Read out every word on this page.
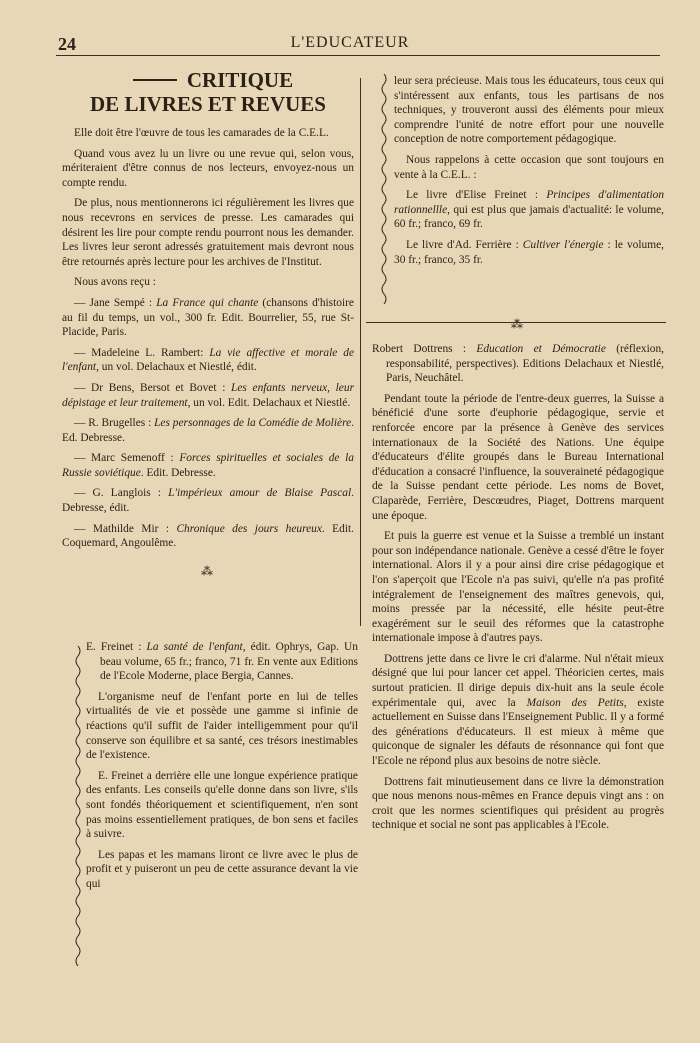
24	L'EDUCATEUR
CRITIQUE
DE LIVRES ET REVUES

Elle doit être l'œuvre de tous les camarades de la C.E.L.

Quand vous avez lu un livre ou une revue qui, selon vous, mériteraient d'être connus de nos lecteurs, envoyez-nous un compte rendu.

De plus, nous mentionnerons ici régulièrement les livres que nous recevrons en services de presse. Les camarades qui désirent les lire pour compte rendu pourront nous les demander. Les livres leur seront adressés gratuitement mais devront nous être retournés après lecture pour les archives de l'Institut.

Nous avons reçu :

— Jane Sempé : La France qui chante (chansons d'histoire au fil du temps, un vol., 300 fr. Edit. Bourrelier, 55, rue St-Placide, Paris.

— Madeleine L. Rambert: La vie affective et morale de l'enfant, un vol. Delachaux et Niestlé, édit.

— Dr Bens, Bersot et Bovet : Les enfants nerveux, leur dépistage et leur traitement, un vol. Edit. Delachaux et Niestlé.

— R. Brugelles : Les personnages de la Comédie de Molière. Ed. Debresse.

— Marc Semenoff : Forces spirituelles et sociales de la Russie soviétique. Edit. Debresse.

— G. Langlois : L'impérieux amour de Blaise Pascal. Debresse, édit.

— Mathilde Mir : Chronique des jours heureux. Edit. Coquemard, Angoulême.

⁂

E. Freinet : La santé de l'enfant, édit. Ophrys, Gap. Un beau volume, 65 fr.; franco, 71 fr. En vente aux Editions de l'Ecole Moderne, place Bergia, Cannes.

L'organisme neuf de l'enfant porte en lui de telles virtualités de vie et possède une gamme si infinie de réactions qu'il suffit de l'aider intelligemment pour qu'il conserve son équilibre et sa santé, ces trésors inestimables de l'existence.

E. Freinet a derrière elle une longue expérience pratique des enfants. Les conseils qu'elle donne dans son livre, s'ils sont fondés théoriquement et scientifiquement, n'en sont pas moins essentiellement pratiques, de bon sens et faciles à suivre.

Les papas et les mamans liront ce livre avec le plus de profit et y puiseront un peu de cette assurance devant la vie qui

leur sera précieuse. Mais tous les éducateurs, tous ceux qui s'intéressent aux enfants, tous les partisans de nos techniques, y trouveront aussi des éléments pour mieux comprendre l'unité de notre effort pour une nouvelle conception de notre comportement pédagogique.

Nous rappelons à cette occasion que sont toujours en vente à la C.E.L. :

Le livre d'Elise Freinet : Principes d'alimentation rationnellle, qui est plus que jamais d'actualité: le volume, 60 fr.; franco, 69 fr.

Le livre d'Ad. Ferrière : Cultiver l'énergie : le volume, 30 fr.; franco, 35 fr.

⁂

Robert Dottrens : Education et Démocratie (réflexion, responsabilité, perspectives). Editions Delachaux et Niestlé, Paris, Neuchâtel.

Pendant toute la période de l'entre-deux guerres, la Suisse a bénéficié d'une sorte d'euphorie pédagogique, servie et renforcée encore par la présence à Genève des services internationaux de la Société des Nations. Une équipe d'éducateurs d'élite groupés dans le Bureau International d'éducation a consacré l'influence, la souveraineté pédagogique de la Suisse pendant cette période. Les noms de Bovet, Claparède, Ferrière, Descœudres, Piaget, Dottrens marquent une époque.

Et puis la guerre est venue et la Suisse a tremblé un instant pour son indépendance nationale. Genève a cessé d'être le foyer international. Alors il y a pour ainsi dire crise pédagogique et l'on s'aperçoit que l'Ecole n'a pas suivi, qu'elle n'a pas profité intégralement de l'enseignement des maîtres genevois, qui, moins pressée par la nécessité, elle hésite peut-être exagérément sur le seuil des réformes que la catastrophe internationale impose à d'autres pays.

Dottrens jette dans ce livre le cri d'alarme. Nul n'était mieux désigné que lui pour lancer cet appel. Théoricien certes, mais surtout praticien. Il dirige depuis dix-huit ans la seule école expérimentale qui, avec la Maison des Petits, existe actuellement en Suisse dans l'Enseignement Public. Il y a formé des générations d'éducateurs. Il est mieux à même que quiconque de signaler les défauts de résonnance qui font que l'Ecole ne répond plus aux besoins de notre siècle.

Dottrens fait minutieusement dans ce livre la démonstration que nous menons nous-mêmes en France depuis vingt ans : on croit que les normes scientifiques qui président au progrès technique et social ne sont pas applicables à l'Ecole.
